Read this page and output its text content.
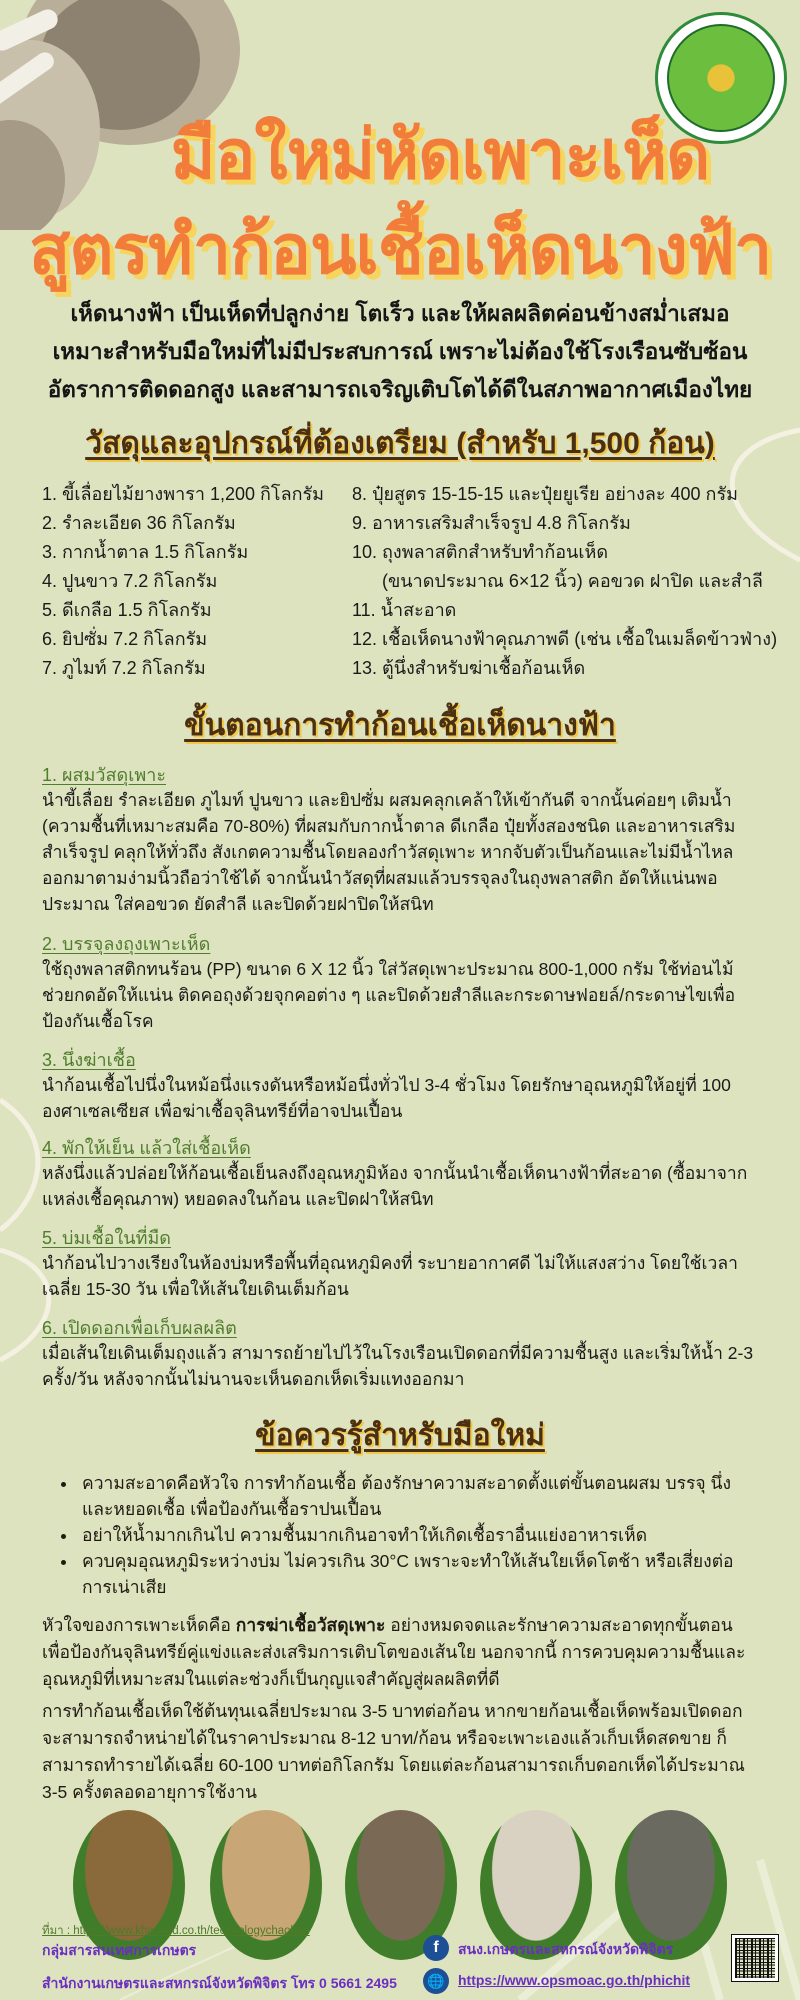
มือใหม่หัดเพาะเห็ด
สูตรทำก้อนเชื้อเห็ดนางฟ้า
เห็ดนางฟ้า เป็นเห็ดที่ปลูกง่าย โตเร็ว และให้ผลผลิตค่อนข้างสม่ำเสมอ
เหมาะสำหรับมือใหม่ที่ไม่มีประสบการณ์ เพราะไม่ต้องใช้โรงเรือนซับซ้อน
อัตราการติดดอกสูง และสามารถเจริญเติบโตได้ดีในสภาพอากาศเมืองไทย
วัสดุและอุปกรณ์ที่ต้องเตรียม (สำหรับ 1,500 ก้อน)
1. ขี้เลื่อยไม้ยางพารา 1,200 กิโลกรัม
2. รำละเอียด 36 กิโลกรัม
3. กากน้ำตาล 1.5 กิโลกรัม
4. ปูนขาว 7.2 กิโลกรัม
5. ดีเกลือ 1.5 กิโลกรัม
6. ยิปซั่ม 7.2 กิโลกรัม
7. ภูไมท์ 7.2 กิโลกรัม
8. ปุ๋ยสูตร 15-15-15 และปุ๋ยยูเรีย อย่างละ 400 กรัม
9. อาหารเสริมสำเร็จรูป 4.8 กิโลกรัม
10. ถุงพลาสติกสำหรับทำก้อนเห็ด
(ขนาดประมาณ 6×12 นิ้ว) คอขวด ฝาปิด และสำลี
11. น้ำสะอาด
12. เชื้อเห็ดนางฟ้าคุณภาพดี (เช่น เชื้อในเมล็ดข้าวฟ่าง)
13. ตู้นึ่งสำหรับฆ่าเชื้อก้อนเห็ด
ขั้นตอนการทำก้อนเชื้อเห็ดนางฟ้า
1. ผสมวัสดุเพาะ
นำขี้เลื่อย รำละเอียด ภูไมท์ ปูนขาว และยิปซั่ม ผสมคลุกเคล้าให้เข้ากันดี จากนั้นค่อยๆ เติมน้ำ (ความชื้นที่เหมาะสมคือ 70-80%) ที่ผสมกับกากน้ำตาล ดีเกลือ ปุ๋ยทั้งสองชนิด และอาหารเสริมสำเร็จรูป คลุกให้ทั่วถึง สังเกตความชื้นโดยลองกำวัสดุเพาะ หากจับตัวเป็นก้อนและไม่มีน้ำไหลออกมาตามง่ามนิ้วถือว่าใช้ได้ จากนั้นนำวัสดุที่ผสมแล้วบรรจุลงในถุงพลาสติก อัดให้แน่นพอประมาณ ใส่คอขวด ยัดสำลี และปิดด้วยฝาปิดให้สนิท
2. บรรจุลงถุงเพาะเห็ด
ใช้ถุงพลาสติกทนร้อน (PP) ขนาด 6 X 12 นิ้ว ใส่วัสดุเพาะประมาณ 800-1,000 กรัม ใช้ท่อนไม้ช่วยกดอัดให้แน่น ติดคอถุงด้วยจุกคอต่าง ๆ และปิดด้วยสำลีและกระดาษฟอยล์/กระดาษไขเพื่อป้องกันเชื้อโรค
3. นึ่งฆ่าเชื้อ
นำก้อนเชื้อไปนึ่งในหม้อนึ่งแรงดันหรือหม้อนึ่งทั่วไป 3-4 ชั่วโมง โดยรักษาอุณหภูมิให้อยู่ที่ 100 องศาเซลเซียส เพื่อฆ่าเชื้อจุลินทรีย์ที่อาจปนเปื้อน
4. พักให้เย็น แล้วใส่เชื้อเห็ด
หลังนึ่งแล้วปล่อยให้ก้อนเชื้อเย็นลงถึงอุณหภูมิห้อง จากนั้นนำเชื้อเห็ดนางฟ้าที่สะอาด (ซื้อมาจากแหล่งเชื้อคุณภาพ) หยอดลงในก้อน และปิดฝาให้สนิท
5. บ่มเชื้อในที่มืด
นำก้อนไปวางเรียงในห้องบ่มหรือพื้นที่อุณหภูมิคงที่ ระบายอากาศดี ไม่ให้แสงสว่าง โดยใช้เวลาเฉลี่ย 15-30 วัน เพื่อให้เส้นใยเดินเต็มก้อน
6. เปิดดอกเพื่อเก็บผลผลิต
เมื่อเส้นใยเดินเต็มถุงแล้ว สามารถย้ายไปไว้ในโรงเรือนเปิดดอกที่มีความชื้นสูง และเริ่มให้น้ำ 2-3 ครั้ง/วัน หลังจากนั้นไม่นานจะเห็นดอกเห็ดเริ่มแทงออกมา
ข้อควรรู้สำหรับมือใหม่
• ความสะอาดคือหัวใจ การทำก้อนเชื้อ ต้องรักษาความสะอาดตั้งแต่ขั้นตอนผสม บรรจุ นึ่ง และหยอดเชื้อ เพื่อป้องกันเชื้อราปนเปื้อน
• อย่าให้น้ำมากเกินไป ความชื้นมากเกินอาจทำให้เกิดเชื้อราอื่นแย่งอาหารเห็ด
• ควบคุมอุณหภูมิระหว่างบ่ม ไม่ควรเกิน 30°C เพราะจะทำให้เส้นใยเห็ดโตช้า หรือเสี่ยงต่อการเน่าเสีย
หัวใจของการเพาะเห็ดคือ การฆ่าเชื้อวัสดุเพาะ อย่างหมดจดและรักษาความสะอาดทุกขั้นตอน เพื่อป้องกันจุลินทรีย์คู่แข่งและส่งเสริมการเติบโตของเส้นใย นอกจากนี้ การควบคุมความชื้นและอุณหภูมิที่เหมาะสมในแต่ละช่วงก็เป็นกุญแจสำคัญสู่ผลผลิตที่ดี
การทำก้อนเชื้อเห็ดใช้ต้นทุนเฉลี่ยประมาณ 3-5 บาทต่อก้อน หากขายก้อนเชื้อเห็ดพร้อมเปิดดอก จะสามารถจำหน่ายได้ในราคาประมาณ 8-12 บาท/ก้อน หรือจะเพาะเองแล้วเก็บเห็ดสดขาย ก็สามารถทำรายได้เฉลี่ย 60-100 บาทต่อกิโลกรัม โดยแต่ละก้อนสามารถเก็บดอกเห็ดได้ประมาณ 3-5 ครั้งตลอดอายุการใช้งาน
ที่มา : https://www.khaosod.co.th/technologychaoban
กลุ่มสารสนเทศการเกษตร
สำนักงานเกษตรและสหกรณ์จังหวัดพิจิตร โทร 0 5661 2495
f	สนง.เกษตรและสหกรณ์จังหวัดพิจิตร
🌐 https://www.opsmoac.go.th/phichit
